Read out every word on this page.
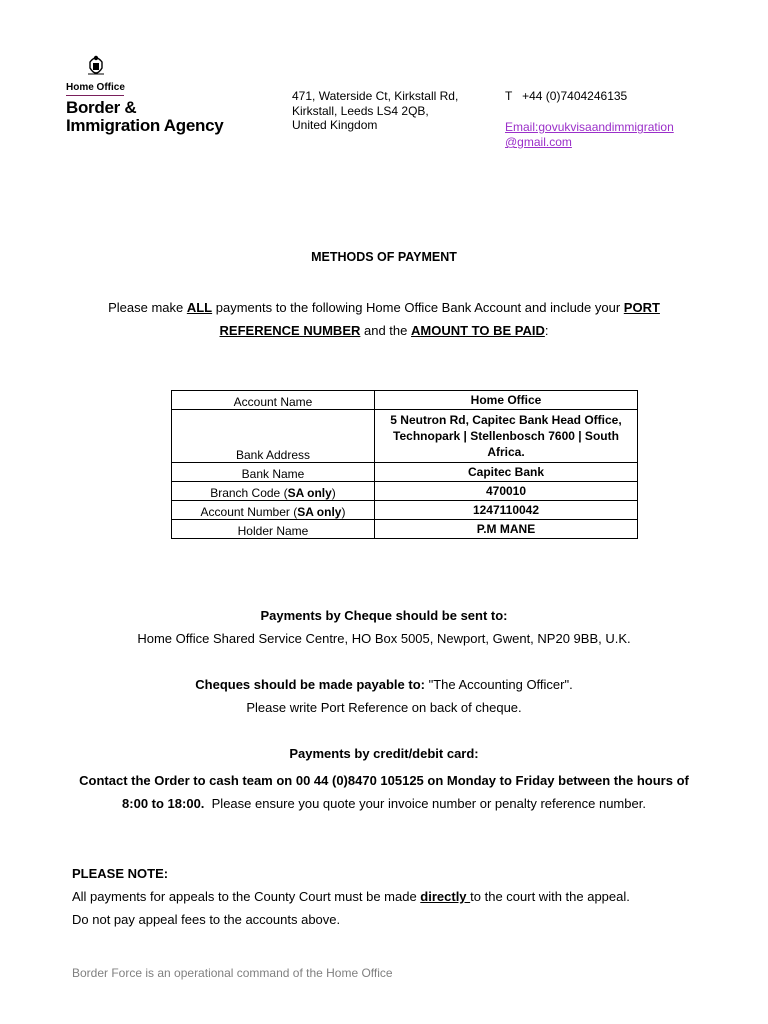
Home Office
Border &
Immigration Agency
471, Waterside Ct, Kirkstall Rd,
Kirkstall, Leeds LS4 2QB,
United Kingdom
T   +44 (0)7404246135
Email:govukvisaandimmigration
@gmail.com
METHODS OF PAYMENT
Please make ALL payments to the following Home Office Bank Account and include your PORT REFERENCE NUMBER and the AMOUNT TO BE PAID:
Account Name	Home Office
Bank Address	5 Neutron Rd, Capitec Bank Head Office, Technopark | Stellenbosch 7600 | South Africa.
Bank Name	Capitec Bank
Branch Code (SA only)	470010
Account Number (SA only)	1247110042
Holder Name	P.M MANE
Payments by Cheque should be sent to:
Home Office Shared Service Centre, HO Box 5005, Newport, Gwent, NP20 9BB, U.K.
Cheques should be made payable to: "The Accounting Officer".
Please write Port Reference on back of cheque.
Payments by credit/debit card:
Contact the Order to cash team on 00 44 (0)8470 105125 on Monday to Friday between the hours of 8:00 to 18:00.  Please ensure you quote your invoice number or penalty reference number.
PLEASE NOTE:
All payments for appeals to the County Court must be made directly to the court with the appeal.
Do not pay appeal fees to the accounts above.
Border Force is an operational command of the Home Office
